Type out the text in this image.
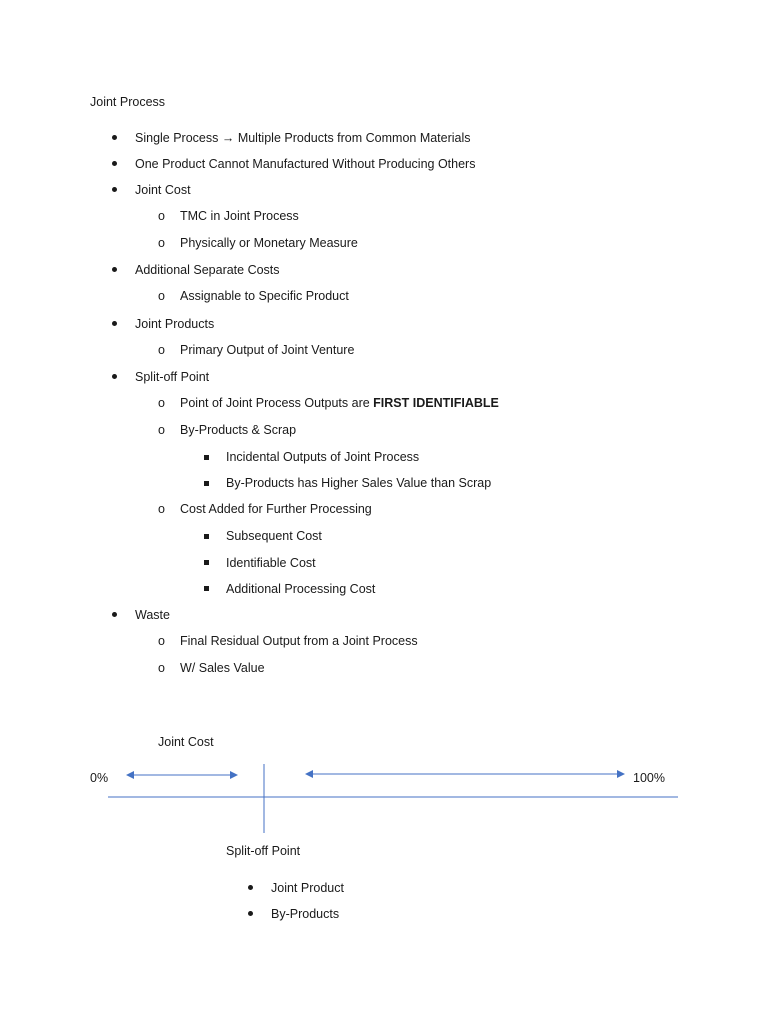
Joint Process
Single Process → Multiple Products from Common Materials
One Product Cannot Manufactured Without Producing Others
Joint Cost
o TMC in Joint Process
o Physically or Monetary Measure
Additional Separate Costs
o Assignable to Specific Product
Joint Products
o Primary Output of Joint Venture
Split-off Point
o Point of Joint Process Outputs are FIRST IDENTIFIABLE
o By-Products & Scrap
Incidental Outputs of Joint Process
By-Products has Higher Sales Value than Scrap
o Cost Added for Further Processing
Subsequent Cost
Identifiable Cost
Additional Processing Cost
Waste
o Final Residual Output from a Joint Process
o W/ Sales Value
Joint Cost
0%	100%
Split-off Point
Joint Product
By-Products
